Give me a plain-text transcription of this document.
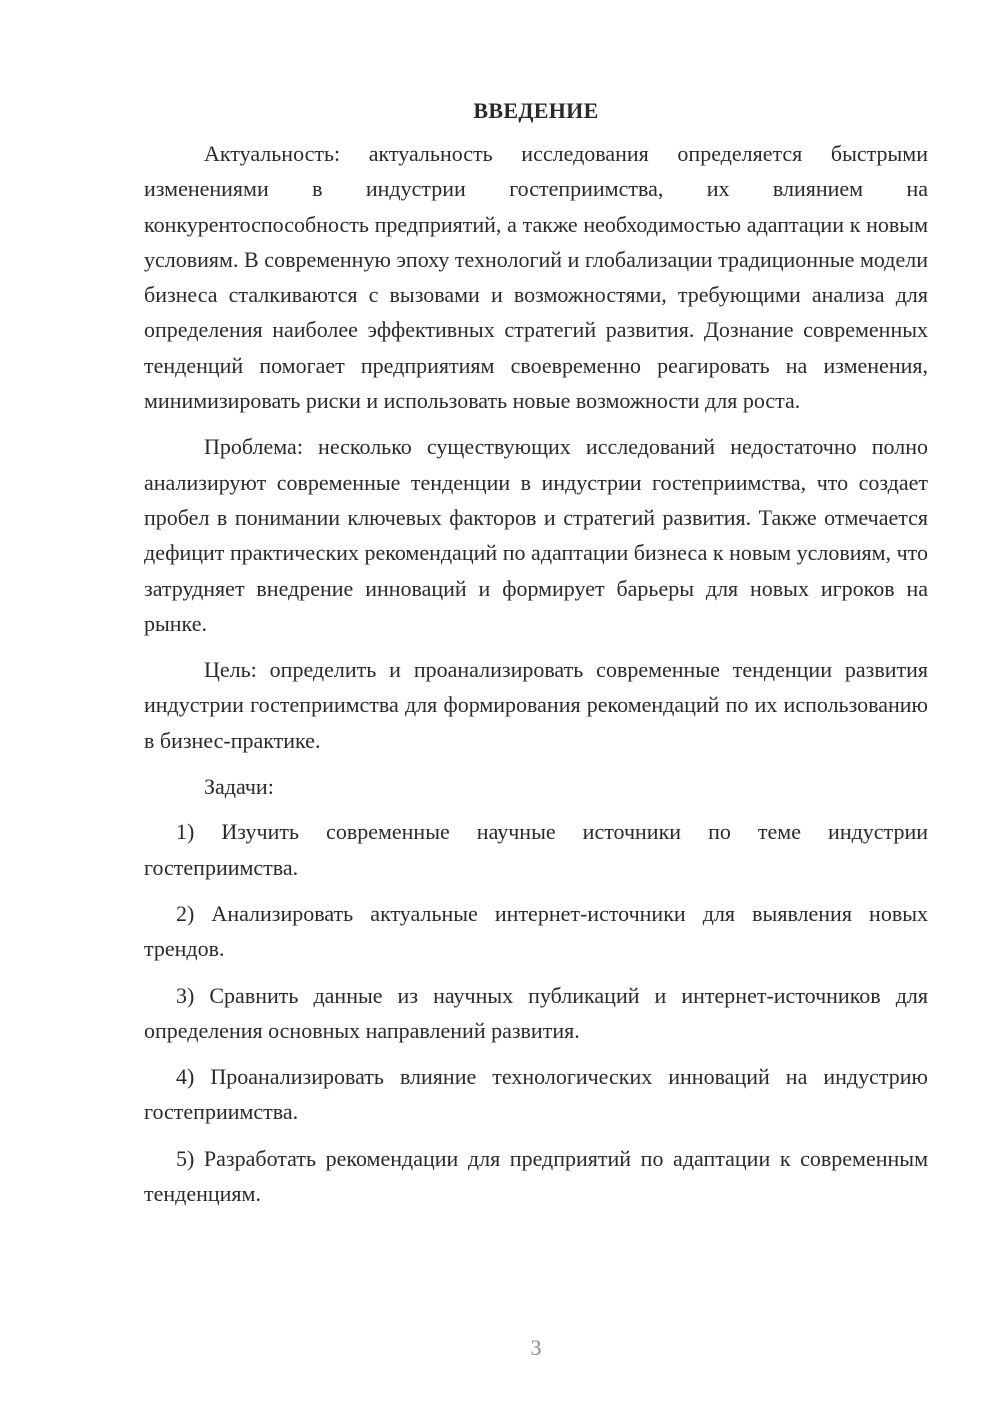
ВВЕДЕНИЕ

Актуальность: актуальность исследования определяется быстрыми изменениями в индустрии гостеприимства, их влиянием на конкурентоспособность предприятий, а также необходимостью адаптации к новым условиям. В современную эпоху технологий и глобализации традиционные модели бизнеса сталкиваются с вызовами и возможностями, требующими анализа для определения наиболее эффективных стратегий развития. Дознание современных тенденций помогает предприятиям своевременно реагировать на изменения, минимизировать риски и использовать новые возможности для роста.

Проблема: несколько существующих исследований недостаточно полно анализируют современные тенденции в индустрии гостеприимства, что создает пробел в понимании ключевых факторов и стратегий развития. Также отмечается дефицит практических рекомендаций по адаптации бизнеса к новым условиям, что затрудняет внедрение инноваций и формирует барьеры для новых игроков на рынке.

Цель: определить и проанализировать современные тенденции развития индустрии гостеприимства для формирования рекомендаций по их использованию в бизнес-практике.

Задачи:

1) Изучить современные научные источники по теме индустрии гостеприимства.
2) Анализировать актуальные интернет-источники для выявления новых трендов.
3) Сравнить данные из научных публикаций и интернет-источников для определения основных направлений развития.
4) Проанализировать влияние технологических инноваций на индустрию гостеприимства.
5) Разработать рекомендации для предприятий по адаптации к современным тенденциям.
3
